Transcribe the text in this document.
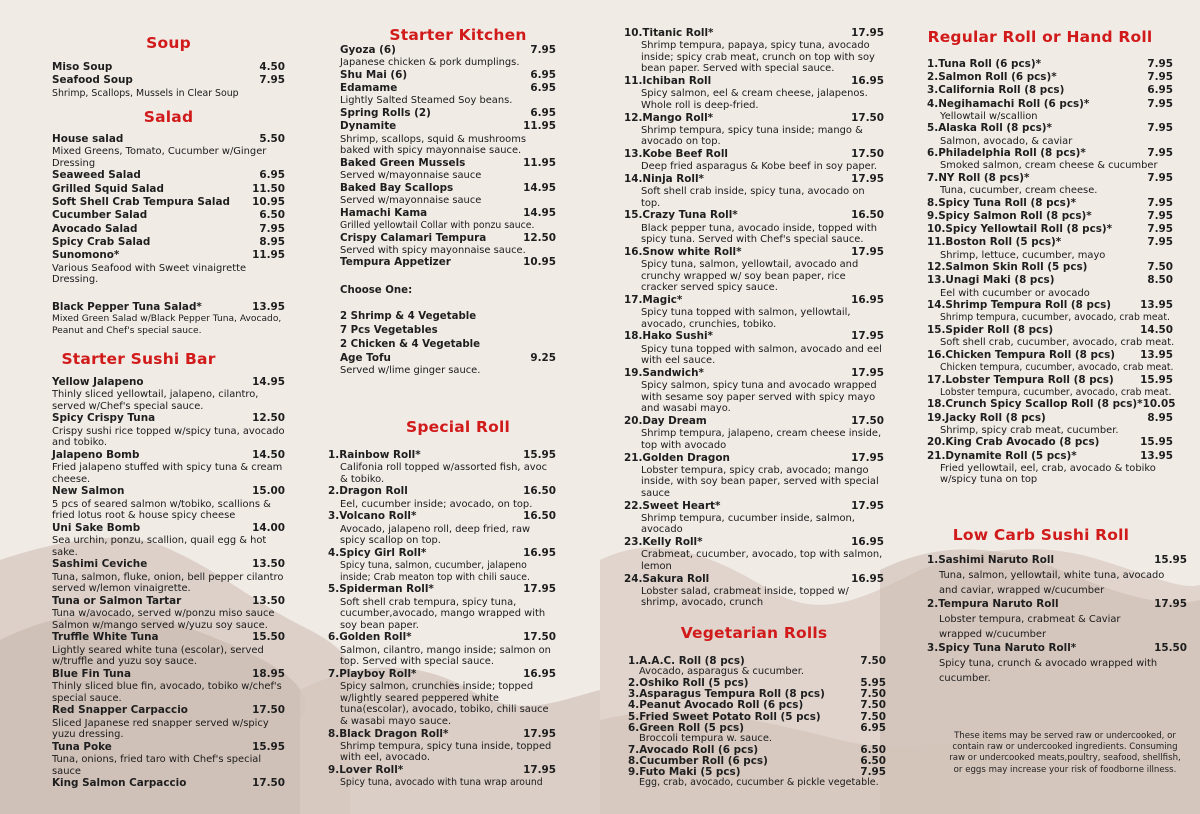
Soup
Miso Soup	4.50
Seafood Soup	7.95
Shrimp, Scallops, Mussels in Clear Soup
Salad
House salad	5.50
Mixed Greens, Tomato, Cucumber w/Ginger Dressing
Seaweed Salad	6.95
Grilled Squid Salad	11.50
Soft Shell Crab Tempura Salad 10.95
Cucumber Salad	6.50
Avocado Salad	7.95
Spicy Crab Salad	8.95
Sunomono*	11.95
Various Seafood with Sweet vinaigrette Dressing.
Black Pepper Tuna Salad*	13.95
Mixed Green Salad w/Black Pepper Tuna, Avocado, Peanut and Chef's special sauce.
Starter Sushi Bar
Yellow Jalapeno	14.95
Thinly sliced yellowtail, jalapeno, cilantro, served w/Chef's special sauce.
Spicy Crispy Tuna	12.50
Crispy sushi rice topped w/spicy tuna, avocado and tobiko.
Jalapeno Bomb	14.50
Fried jalapeno stuffed with spicy tuna & cream cheese.
New Salmon	15.00
5 pcs of seared salmon w/tobiko, scallions & fried lotus root & house spicy cheese
Uni Sake Bomb	14.00
Sea urchin, ponzu, scallion, quail egg & hot sake.
Sashimi Ceviche	13.50
Tuna, salmon, fluke, onion, bell pepper cilantro served w/lemon vinaigrette.
Tuna or Salmon Tartar	13.50
Tuna w/avocado, served w/ponzu miso sauce Salmon w/mango served w/yuzu soy sauce.
Truffle White Tuna	15.50
Lightly seared white tuna (escolar), served w/truffle and yuzu soy sauce.
Blue Fin Tuna	18.95
Thinly sliced blue fin, avocado, tobiko w/chef's special sauce.
Red Snapper Carpaccio	17.50
Sliced Japanese red snapper served w/spicy yuzu dressing.
Tuna Poke	15.95
Tuna, onions, fried taro with Chef's special sauce
King Salmon Carpaccio	17.50
Starter Kitchen
Gyoza (6)	7.95
Japanese chicken & pork dumplings.
Shu Mai (6)	6.95
Edamame	6.95
Lightly Salted Steamed Soy beans.
Spring Rolls (2)	6.95
Dynamite	11.95
Shrimp, scallops, squid & mushrooms baked with spicy mayonnaise sauce.
Baked Green Mussels	11.95
Served w/mayonnaise sauce
Baked Bay Scallops	14.95
Served w/mayonnaise sauce
Hamachi Kama	14.95
Grilled yellowtail Collar with ponzu sauce.
Crispy Calamari Tempura	12.50
Served with spicy mayonnaise sauce.
Tempura Appetizer	10.95
Choose One:
2 Shrimp & 4 Vegetable
7 Pcs Vegetables
2 Chicken & 4 Vegetable
Age Tofu	9.25
Served w/lime ginger sauce.
Special Roll
1.Rainbow Roll*	15.95
Califonia roll topped w/assorted fish, avoc & tobiko.
2.Dragon Roll	16.50
Eel, cucumber inside; avocado, on top.
3.Volcano Roll*	16.50
Avocado, jalapeno roll, deep fried, raw spicy scallop on top.
4.Spicy Girl Roll*	16.95
Spicy tuna, salmon, cucumber, jalapeno inside; Crab meaton top with chili sauce.
5.Spiderman Roll*	17.95
Soft shell crab tempura, spicy tuna, cucumber,avocado, mango wrapped with soy bean paper.
6.Golden Roll*	17.50
Salmon, cilantro, mango inside; salmon on top. Served with special sauce.
7.Playboy Roll*	16.95
Spicy salmon, crunchies inside; topped w/lightly seared peppered white tuna(escolar), avocado, tobiko, chili sauce & wasabi mayo sauce.
8.Black Dragon Roll*	17.95
Shrimp tempura, spicy tuna inside, topped with eel, avocado.
9.Lover Roll*	17.95
Spicy tuna, avocado with tuna wrap around
10.Titanic Roll*	17.95
Shrimp tempura, papaya, spicy tuna, avocado inside; spicy crab meat, crunch on top with soy bean paper. Served with special sauce.
11.Ichiban Roll	16.95
Spicy salmon, eel & cream cheese, jalapenos. Whole roll is deep-fried.
12.Mango Roll*	17.50
Shrimp tempura, spicy tuna inside; mango & avocado on top.
13.Kobe Beef Roll	17.50
Deep fried asparagus & Kobe beef in soy paper.
14.Ninja Roll*	17.95
Soft shell crab inside, spicy tuna, avocado on top.
15.Crazy Tuna Roll*	16.50
Black pepper tuna, avocado inside, topped with spicy tuna. Served with Chef's special sauce.
16.Snow white Roll*	17.95
Spicy tuna, salmon, yellowtail, avocado and crunchy wrapped w/ soy bean paper, rice cracker served spicy sauce.
17.Magic*	16.95
Spicy tuna topped with salmon, yellowtail, avocado, crunchies, tobiko.
18.Hako Sushi*	17.95
Spicy tuna topped with salmon, avocado and eel with eel sauce.
19.Sandwich*	17.95
Spicy salmon, spicy tuna and avocado wrapped with sesame soy paper served with spicy mayo and wasabi mayo.
20.Day Dream	17.50
Shrimp tempura, jalapeno, cream cheese inside, top with avocado
21.Golden Dragon	17.95
Lobster tempura, spicy crab, avocado; mango inside, with soy bean paper, served with special sauce
22.Sweet Heart*	17.95
Shrimp tempura, cucumber inside, salmon, avocado
23.Kelly Roll*	16.95
Crabmeat, cucumber, avocado, top with salmon, lemon
24.Sakura Roll	16.95
Lobster salad, crabmeat inside, topped w/ shrimp, avocado, crunch
Vegetarian Rolls
1.A.A.C. Roll (8 pcs)	7.50
Avocado, asparagus & cucumber.
2.Oshiko Roll (5 pcs)	5.95
3.Asparagus Tempura Roll (8 pcs)	7.50
4.Peanut Avocado Roll (6 pcs)	7.50
5.Fried Sweet Potato Roll (5 pcs)	7.50
6.Green Roll (5 pcs)	6.95
Broccoli tempura w. sauce.
7.Avocado Roll (6 pcs)	6.50
8.Cucumber Roll (6 pcs)	6.50
9.Futo Maki (5 pcs)	7.95
Egg, crab, avocado, cucumber & pickle vegetable.
Regular Roll or Hand Roll
1.Tuna Roll (6 pcs)*	7.95
2.Salmon Roll (6 pcs)*	7.95
3.California Roll (8 pcs)	6.95
4.Negihamachi Roll (6 pcs)*	7.95
Yellowtail w/scallion
5.Alaska Roll (8 pcs)*	7.95
Salmon, avocado, & caviar
6.Philadelphia Roll (8 pcs)*	7.95
Smoked salmon, cream cheese & cucumber
7.NY Roll (8 pcs)*	7.95
Tuna, cucumber, cream cheese.
8.Spicy Tuna Roll (8 pcs)*	7.95
9.Spicy Salmon Roll (8 pcs)*	7.95
10.Spicy Yellowtail Roll (8 pcs)*	7.95
11.Boston Roll (5 pcs)*	7.95
Shrimp, lettuce, cucumber, mayo
12.Salmon Skin Roll (5 pcs)	7.50
13.Unagi Maki (8 pcs)	8.50
Eel with cucumber or avocado
14.Shrimp Tempura Roll (8 pcs)	13.95
Shrimp tempura, cucumber, avocado, crab meat.
15.Spider Roll (8 pcs)	14.50
Soft shell crab, cucumber, avocado, crab meat.
16.Chicken Tempura Roll (8 pcs) 13.95
Chicken tempura, cucumber, avocado, crab meat.
17.Lobster Tempura Roll (8 pcs)	15.95
Lobster tempura, cucumber, avocado, crab meat.
18.Crunch Spicy Scallop Roll (8 pcs)* 10.05
19.Jacky Roll (8 pcs)	8.95
Shrimp, spicy crab meat, cucumber.
20.King Crab Avocado (8 pcs)	15.95
21.Dynamite Roll (5 pcs)*	13.95
Fried yellowtail, eel, crab, avocado & tobiko w/spicy tuna on top
Low Carb Sushi Roll
1.Sashimi Naruto Roll	15.95
Tuna, salmon, yellowtail, white tuna, avocado and caviar, wrapped w/cucumber
2.Tempura Naruto Roll	17.95
Lobster tempura, crabmeat & Caviar wrapped w/cucumber
3.Spicy Tuna Naruto Roll*	15.50
Spicy tuna, crunch & avocado wrapped with cucumber.
These items may be served raw or undercooked, or contain raw or undercooked ingredients. Consuming raw or undercooked meats,poultry, seafood, shellfish, or eggs may increase your risk of foodborne illness.
